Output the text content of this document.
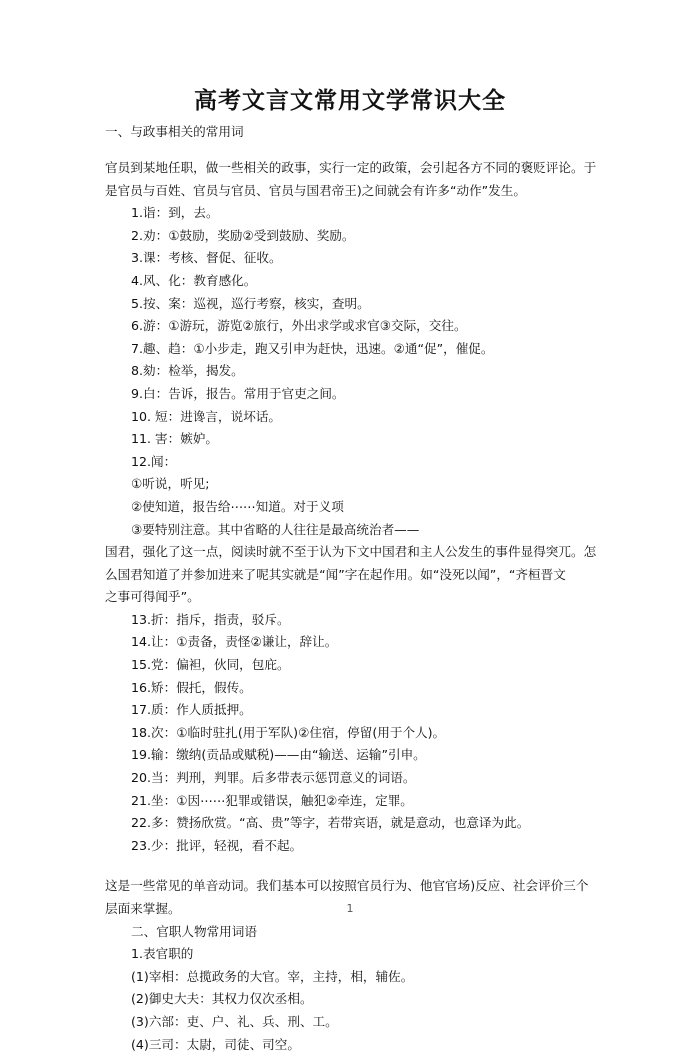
高考文言文常用文学常识大全
一、与政事相关的常用词
官员到某地任职，做一些相关的政事，实行一定的政策，会引起各方不同的褒贬评论。于
是官员与百姓、官员与官员、官员与国君帝王)之间就会有许多“动作”发生。
1.诣：到，去。
2.劝：①鼓励，奖励②受到鼓励、奖励。
3.课：考核、督促、征收。
4.风、化：教育感化。
5.按、案：巡视，巡行考察，核实，查明。
6.游：①游玩，游览②旅行，外出求学或求官③交际，交往。
7.趣、趋：①小步走，跑又引申为赶快，迅速。②通“促”，催促。
8.劾：检举，揭发。
9.白：告诉，报告。常用于官吏之间。
10. 短：进谗言，说坏话。
11. 害：嫉妒。
12.闻：
①听说，听见;
②使知道，报告给⋯⋯知道。对于义项
③要特别注意。其中省略的人往往是最高统治者——
国君，强化了这一点，阅读时就不至于认为下文中国君和主人公发生的事件显得突兀。怎
么国君知道了并参加进来了呢其实就是“闻”字在起作用。如“没死以闻”，“齐桓晋文
之事可得闻乎”。
13.折：指斥，指责，驳斥。
14.让：①责备，责怪②谦让，辞让。
15.党：偏袒，伙同，包庇。
16.矫：假托，假传。
17.质：作人质抵押。
18.次：①临时驻扎(用于军队)②住宿，停留(用于个人)。
19.输：缴纳(贡品或赋税)——由“输送、运输”引申。
20.当：判刑，判罪。后多带表示惩罚意义的词语。
21.坐：①因⋯⋯犯罪或错误，触犯②牵连，定罪。
22.多：赞扬欣赏。“高、贵”等字，若带宾语，就是意动，也意译为此。
23.少：批评，轻视，看不起。
这是一些常见的单音动词。我们基本可以按照官员行为、他官官场)反应、社会评价三个
层面来掌握。
二、官职人物常用词语
1.表官职的
(1)宰相：总揽政务的大官。宰，主持，相，辅佐。
(2)御史大夫：其权力仅次丞相。
(3)六部：吏、户、礼、兵、刑、工。
(4)三司：太尉，司徒、司空。
1
